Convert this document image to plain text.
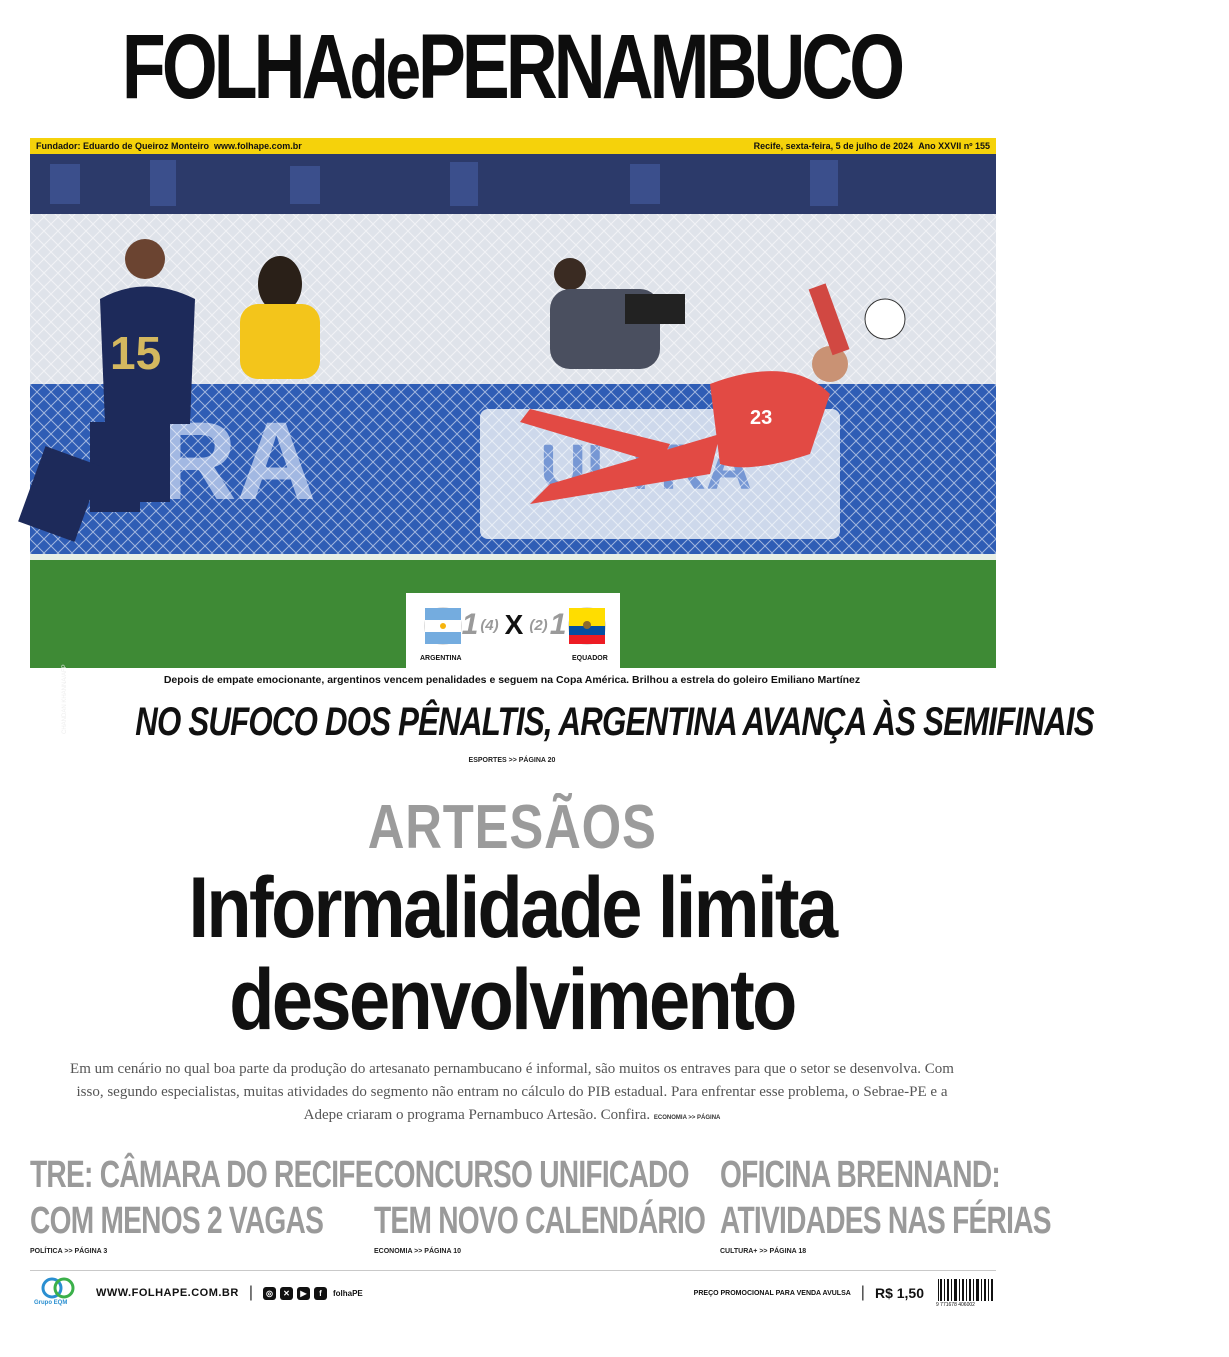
FOLHAdePERNAMBUCO
Fundador: Eduardo de Queiroz Monteiro www.folhape.com.br	Recife, sexta-feira, 5 de julho de 2024 Ano XXVII nº 155
15
23
CHANDAN KHANNA/AFP
1 (4) X (2) 1
ARGENTINA	EQUADOR
Depois de empate emocionante, argentinos vencem penalidades e seguem na Copa América. Brilhou a estrela do goleiro Emiliano Martínez
NO SUFOCO DOS PÊNALTIS, ARGENTINA AVANÇA ÀS SEMIFINAIS
ESPORTES >> PÁGINA 20
ARTESÃOS
Informalidade limita
desenvolvimento
Em um cenário no qual boa parte da produção do artesanato pernambucano é informal, são muitos os entraves para que o setor se desenvolva. Com isso, segundo especialistas, muitas atividades do segmento não entram no cálculo do PIB estadual. Para enfrentar esse problema, o Sebrae-PE e a Adepe criaram o programa Pernambuco Artesão. Confira. ECONOMIA >> PÁGINA
TRE: CÂMARA DO RECIFE
COM MENOS 2 VAGAS
POLÍTICA >> PÁGINA 3
CONCURSO UNIFICADO
TEM NOVO CALENDÁRIO
ECONOMIA >> PÁGINA 10
OFICINA BRENNAND:
ATIVIDADES NAS FÉRIAS
CULTURA+ >> PÁGINA 18
Grupo EQM
WWW.FOLHAPE.COM.BR |	◎	✕	▶	f	folhaPE	PREÇO PROMOCIONAL PARA VENDA AVULSA | R$ 1,50
9 771678 406002
